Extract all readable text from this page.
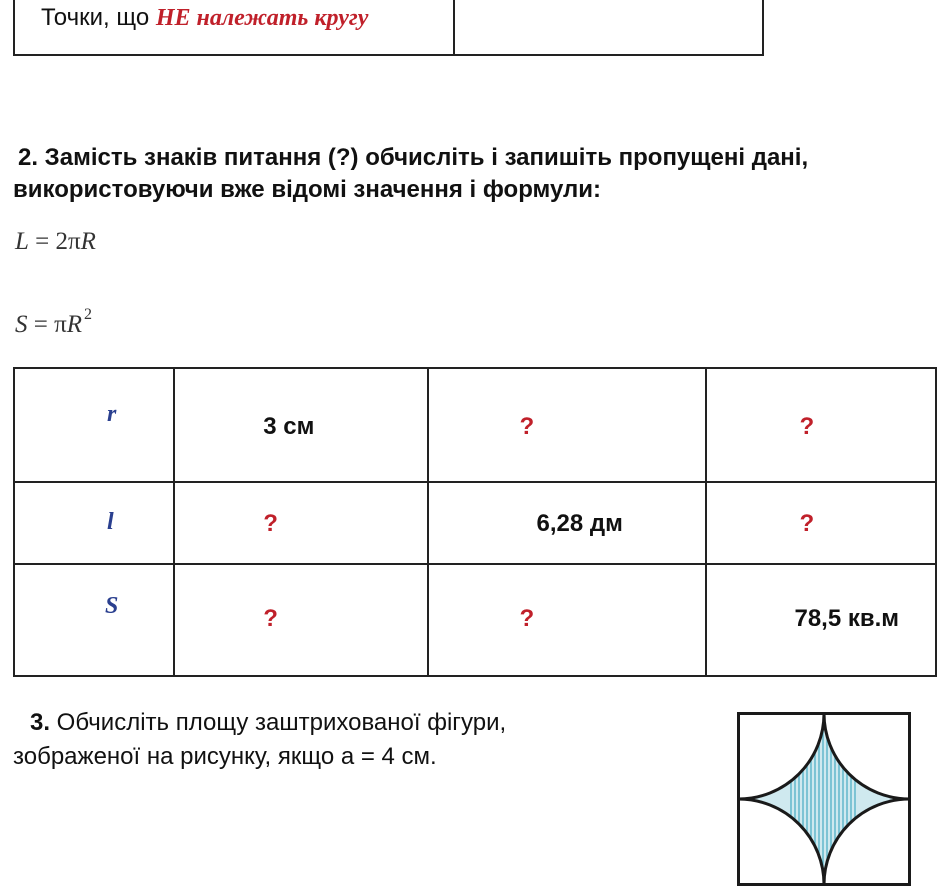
Точки, що НЕ належать кругу
2. Замість знаків питання (?) обчисліть і запишіть пропущені дані,
використовуючи вже відомі значення і формули:
L = 2πR
S = πR $^2$
r	3 см	?	?

l	?	6,28 дм	?

S	?	?	78,5 кв.м
3. Обчисліть площу заштрихованої фігури,
зображеної на рисунку, якщо а = 4 см.
